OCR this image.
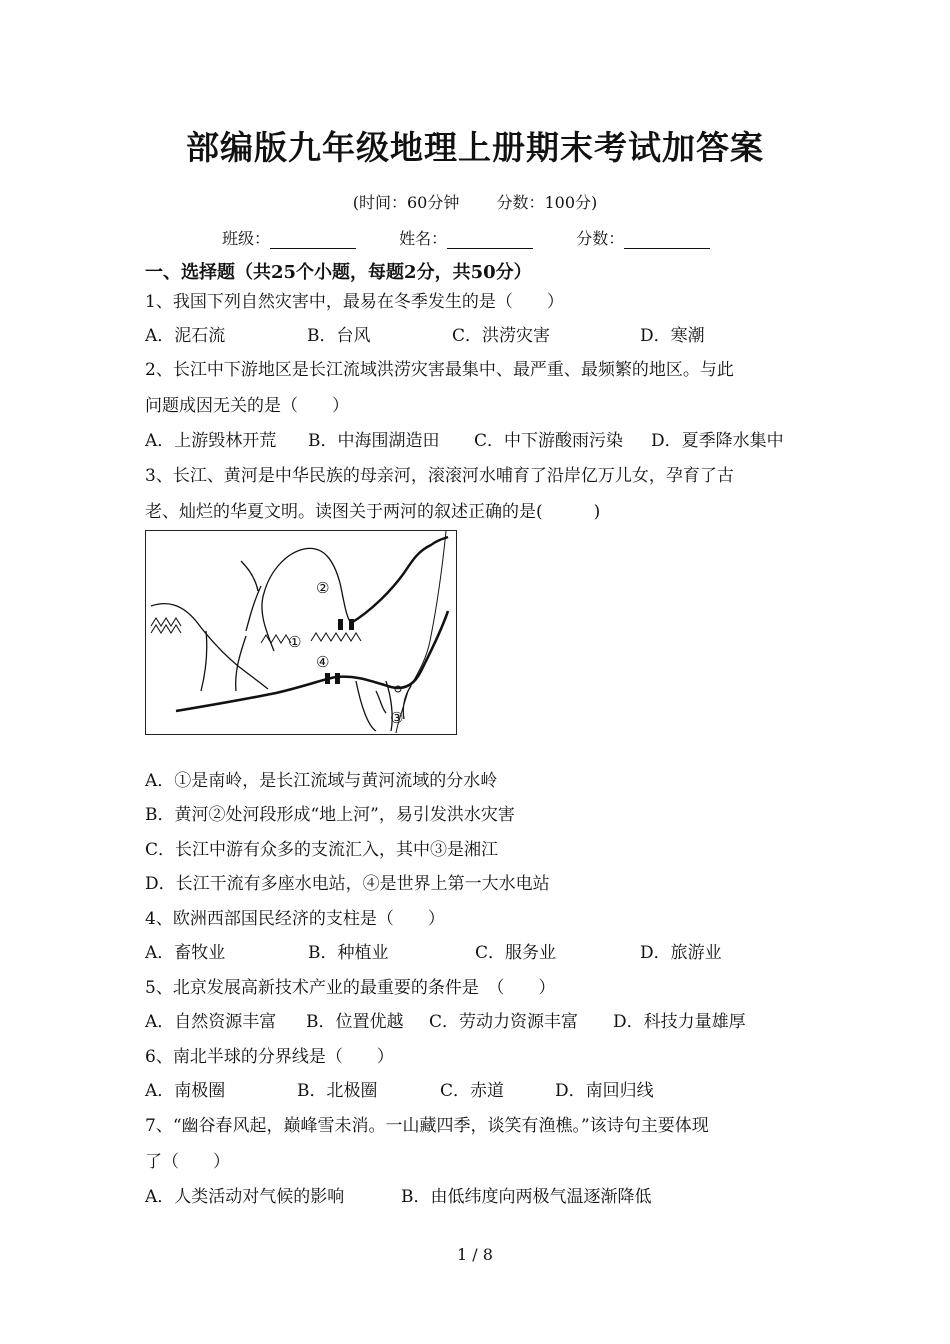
部编版九年级地理上册期末考试加答案
(时间：60分钟 分数：100分)
班级：	姓名：	分数：
一、选择题（共25个小题，每题2分，共50分）
1、我国下列自然灾害中，最易在冬季发生的是（　　）
A．泥石流	B．台风	C．洪涝灾害	D．寒潮
2、长江中下游地区是长江流域洪涝灾害最集中、最严重、最频繁的地区。与此
问题成因无关的是（　　）
A．上游毁林开荒 B．中海围湖造田 C．中下游酸雨污染 D．夏季降水集中
3、长江、黄河是中华民族的母亲河，滚滚河水哺育了沿岸亿万儿女，孕育了古
老、灿烂的华夏文明。读图关于两河的叙述正确的是(　　　)
②
①
④
③
A．①是南岭，是长江流域与黄河流域的分水岭
B．黄河②处河段形成“地上河”，易引发洪水灾害
C．长江中游有众多的支流汇入，其中③是湘江
D．长江干流有多座水电站，④是世界上第一大水电站
4、欧洲西部国民经济的支柱是（　　）
A．畜牧业	B．种植业	C．服务业	D．旅游业
5、北京发展高新技术产业的最重要的条件是　（　　）
A．自然资源丰富 B．位置优越 C．劳动力资源丰富 D．科技力量雄厚
6、南北半球的分界线是（　　）
A．南极圈	B．北极圈	C．赤道	D．南回归线
7、“幽谷春风起，巅峰雪未消。一山藏四季，谈笑有渔樵。”该诗句主要体现
了（　　）
A．人类活动对气候的影响	B．由低纬度向两极气温逐渐降低
1 / 8
